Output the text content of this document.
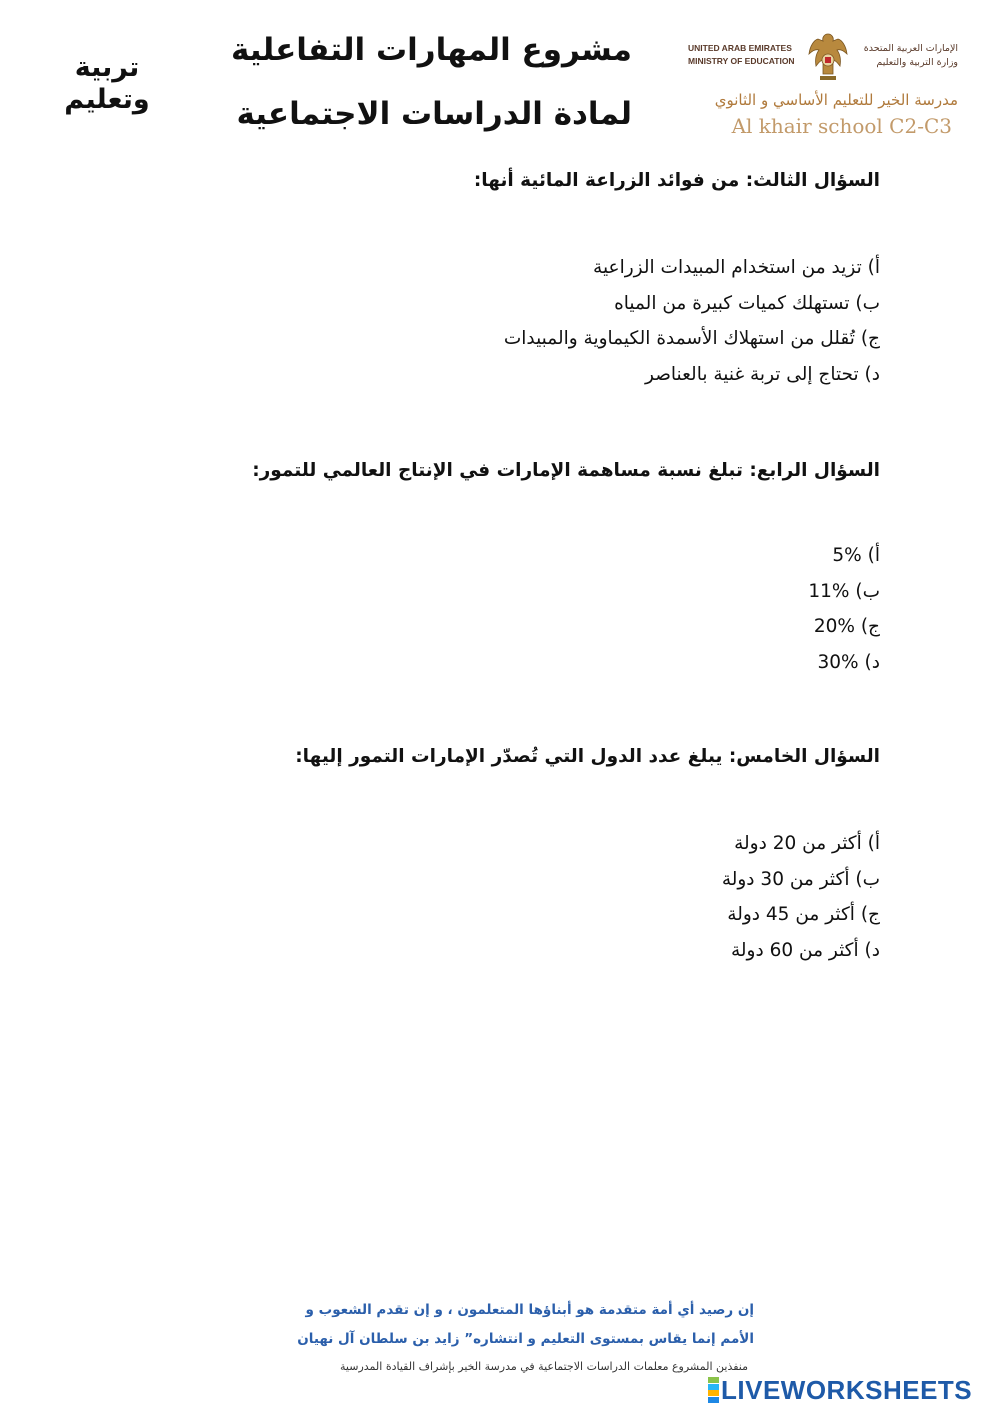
تربية
وتعليم
مشروع المهارات التفاعلية
لمادة الدراسات الاجتماعية
UNITED ARAB EMIRATES
MINISTRY OF EDUCATION
الإمارات العربية المتحدة
وزارة التربية والتعليم
مدرسة الخير للتعليم الأساسي و الثانوي
Al khair school C2-C3
السؤال الثالث: من فوائد الزراعة المائية أنها:
أ) تزيد من استخدام المبيدات الزراعية
ب) تستهلك كميات كبيرة من المياه
ج) تُقلل من استهلاك الأسمدة الكيماوية والمبيدات
د) تحتاج إلى تربة غنية بالعناصر
السؤال الرابع: تبلغ نسبة مساهمة الإمارات في الإنتاج العالمي للتمور:
أ) 5%
ب) 11%
ج) 20%
د) 30%
السؤال الخامس: يبلغ عدد الدول التي تُصدّر الإمارات التمور إليها:
أ) أكثر من 20 دولة
ب) أكثر من 30 دولة
ج) أكثر من 45 دولة
د) أكثر من 60 دولة
إن رصيد أي أمة متقدمة هو أبناؤها المتعلمون ، و إن تقدم الشعوب و
الأمم إنما يقاس بمستوى التعليم و انتشاره” زايد بن سلطان آل نهيان
منفذين المشروع معلمات الدراسات الاجتماعية في مدرسة الخير بإشراف القيادة المدرسية
LIVEWORKSHEETS
